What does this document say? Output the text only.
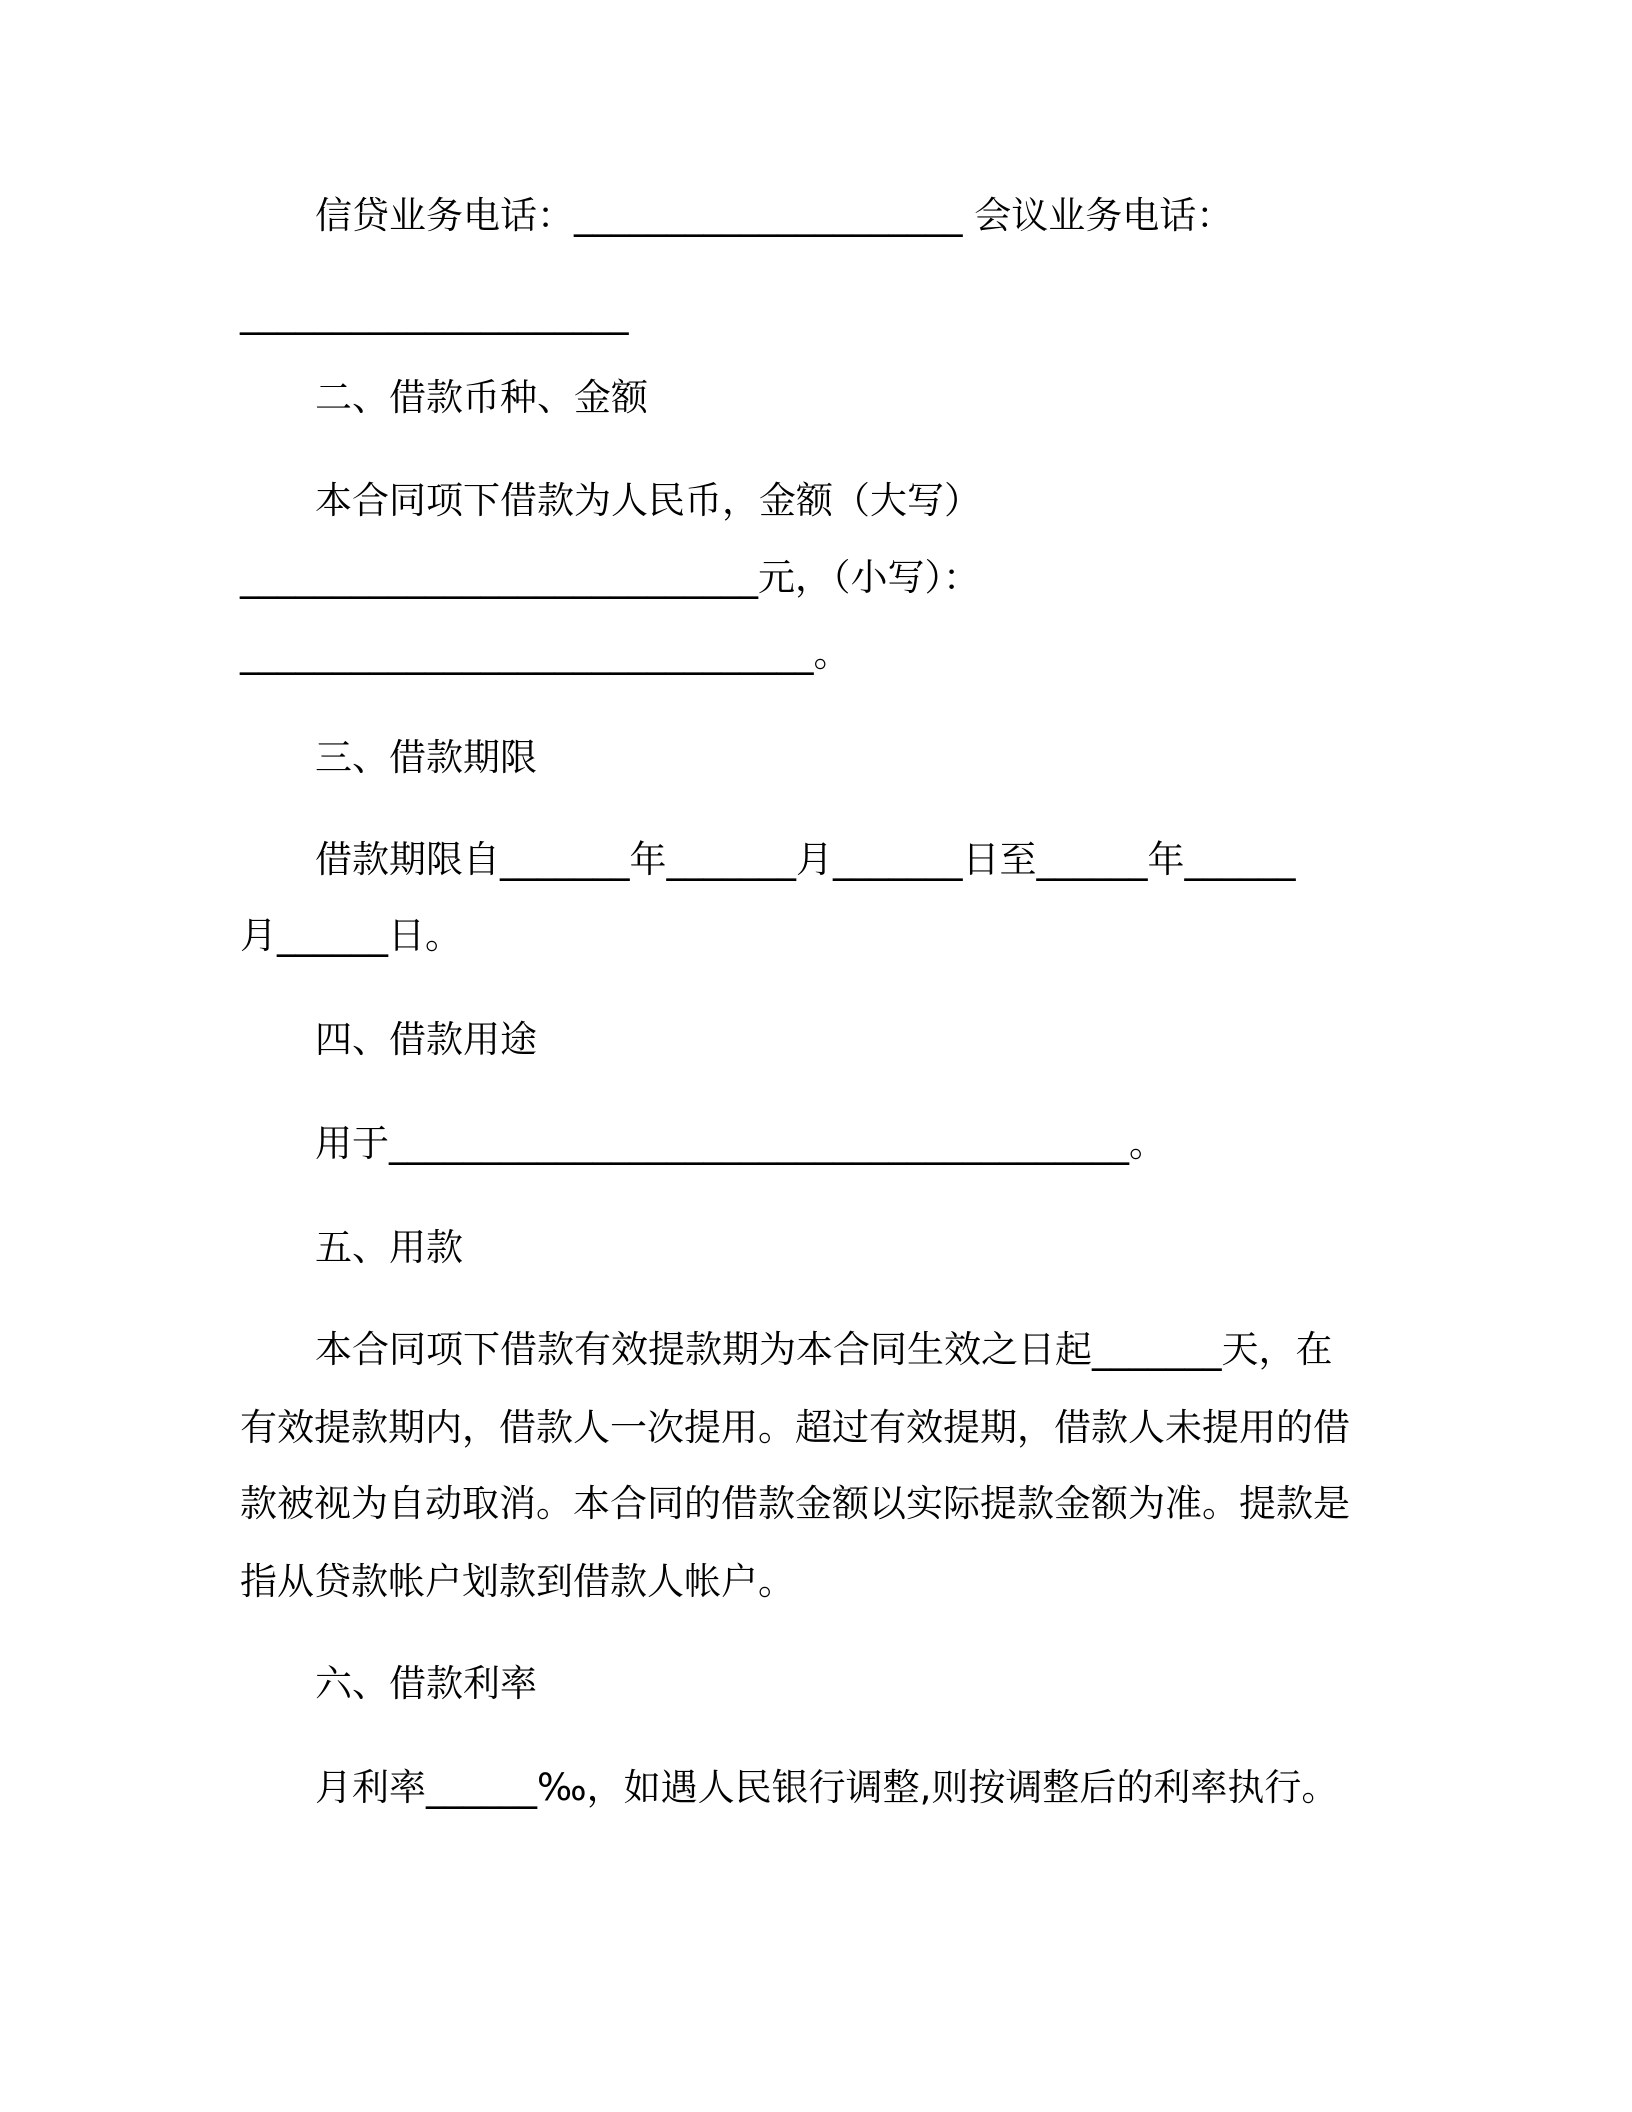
信贷业务电话：_____________________ 会议业务电话：
_____________________
二、借款币种、金额
本合同项下借款为人民币，金额（大写）
____________________________元，（小写）：
_______________________________。
三、借款期限
借款期限自_______年_______月_______日至______年______
月______日。
四、借款用途
用于________________________________________。
五、用款
本合同项下借款有效提款期为本合同生效之日起_______天，在
有效提款期内，借款人一次提用。超过有效提期，借款人未提用的借
款被视为自动取消。本合同的借款金额以实际提款金额为准。提款是
指从贷款帐户划款到借款人帐户。
六、借款利率
月利率______‰，如遇人民银行调整,则按调整后的利率执行。
